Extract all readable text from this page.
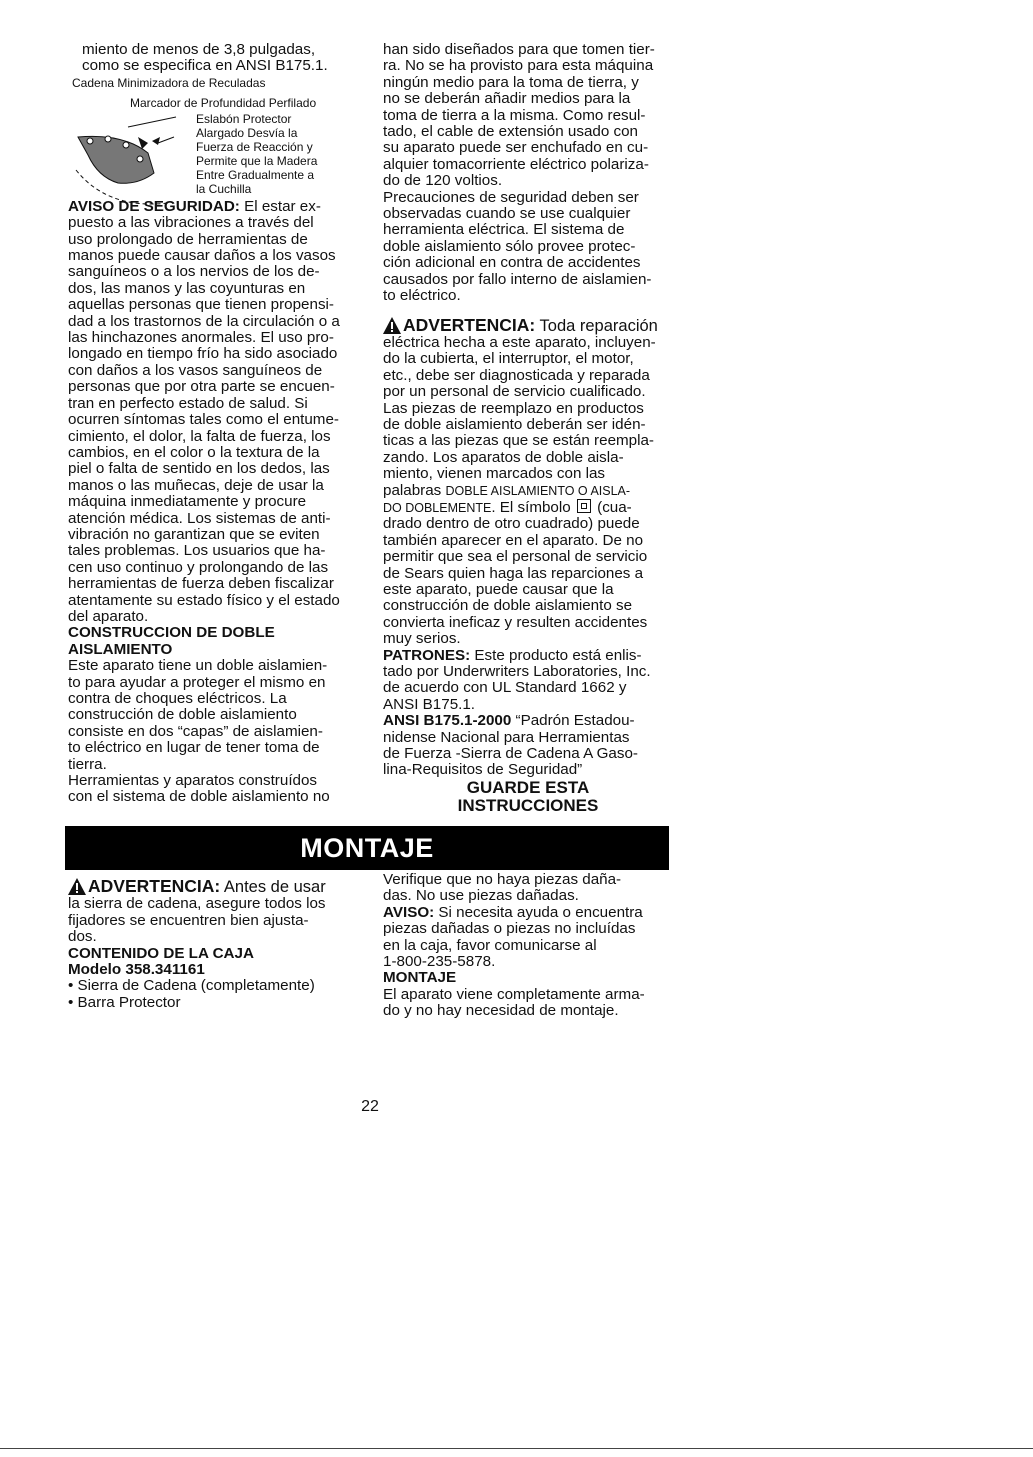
miento de menos de 3,8 pulgadas,

como se especifica en ANSI B175.1.

Cadena Minimizadora de Reculadas
Marcador de Profundidad Perfilado
Eslabón Protector
Alargado Desvía la
Fuerza de Reacción y
Permite que la Madera
Entre Gradualmente a
la Cuchilla

AVISO DE SEGURIDAD: El estar ex-

puesto a las vibraciones a través del

uso prolongado de herramientas de

manos puede causar daños a los vasos

sanguíneos o a los nervios de los de-

dos, las manos y las coyunturas en

aquellas personas que tienen propensi-

dad a los trastornos de la circulación o a

las hinchazones anormales. El uso pro-

longado en tiempo frío ha sido asociado

con daños a los vasos sanguíneos de

personas que por otra parte se encuen-

tran en perfecto estado de salud. Si

ocurren síntomas tales como el entume-

cimiento, el dolor, la falta de fuerza, los

cambios, en el color o la textura de la

piel o falta de sentido en los dedos, las

manos o las muñecas, deje de usar la

máquina inmediatamente y procure

atención médica. Los sistemas de anti-

vibración no garantizan que se eviten

tales problemas. Los usuarios que ha-

cen uso continuo y prolongando de las

herramientas de fuerza deben fiscalizar

atentamente su estado físico y el estado

del aparato.

CONSTRUCCION DE DOBLE

AISLAMIENTO

Este aparato tiene un doble aislamien-

to para ayudar a proteger el mismo en

contra de choques eléctricos. La

construcción de doble aislamiento

consiste en dos “capas” de aislamien-

to eléctrico en lugar de tener toma de

tierra.

Herramientas y aparatos construídos

con el sistema de doble aislamiento no

han sido diseñados para que tomen tier-

ra. No se ha provisto para esta máquina

ningún medio para la toma de tierra, y

no se deberán añadir medios para la

toma de tierra a la misma. Como resul-

tado, el cable de extensión usado con

su aparato puede ser enchufado en cu-

alquier tomacorriente eléctrico polariza-

do de 120 voltios.

Precauciones de seguridad deben ser

observadas cuando se use cualquier

herramienta eléctrica. El sistema de

doble aislamiento sólo provee protec-

ción adicional en contra de accidentes

causados por fallo interno de aislamien-

to eléctrico.

ADVERTENCIA: Toda reparación

eléctrica hecha a este aparato, incluyen-

do la cubierta, el interruptor, el motor,

etc., debe ser diagnosticada y reparada

por un personal de servicio cualificado.

Las piezas de reemplazo en productos

de doble aislamiento deberán ser idén-

ticas a las piezas que se están reempla-

zando. Los aparatos de doble aisla-

miento, vienen marcados con las

palabras DOBLE AISLAMIENTO O AISLA-

DO DOBLEMENTE. El símbolo  (cua-

drado dentro de otro cuadrado) puede

también aparecer en el aparato. De no

permitir que sea el personal de servicio

de Sears quien haga las reparciones a

este aparato, puede causar que la

construcción de doble aislamiento se

convierta ineficaz y resulten accidentes

muy serios.

PATRONES: Este producto está enlis-

tado por Underwriters Laboratories, Inc.

de acuerdo con UL Standard 1662 y

ANSI B175.1.

ANSI B175.1-2000 “Padrón Estadou-

nidense Nacional para Herramientas

de Fuerza -Sierra de Cadena A Gaso-

lina-Requisitos de Seguridad”

GUARDE ESTA

INSTRUCCIONES

MONTAJE

ADVERTENCIA: Antes de usar

la sierra de cadena, asegure todos los

fijadores se encuentren bien ajusta-

dos.

CONTENIDO DE LA CAJA

Modelo 358.341161

• Sierra de Cadena (completamente)

• Barra Protector

Verifique que no haya piezas daña-

das. No use piezas dañadas.

AVISO: Si necesita ayuda o encuentra

piezas dañadas o piezas no incluídas

en la caja, favor comunicarse al

1-800-235-5878.

MONTAJE

El aparato viene completamente arma-

do y no hay necesidad de montaje.

22
